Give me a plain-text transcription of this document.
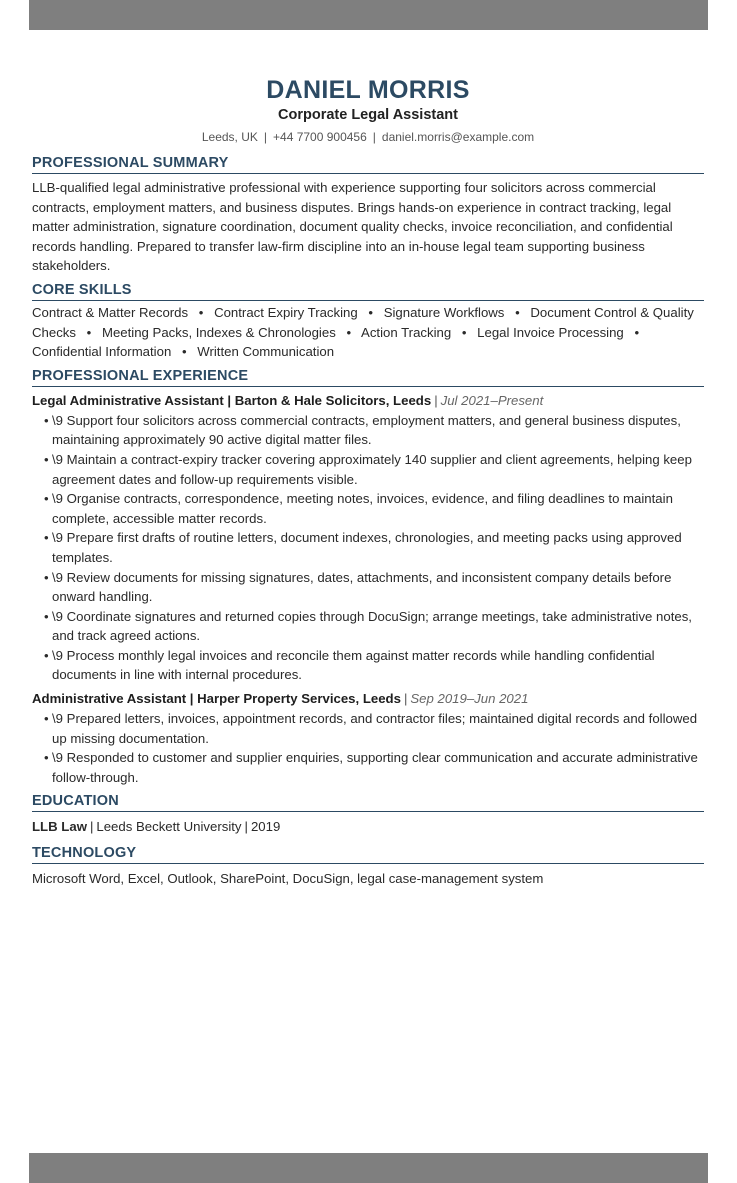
DANIEL MORRIS
Corporate Legal Assistant
Leeds, UK | +44 7700 900456 | daniel.morris@example.com
PROFESSIONAL SUMMARY
LLB-qualified legal administrative professional with experience supporting four solicitors across commercial contracts, employment matters, and business disputes. Brings hands-on experience in contract tracking, legal matter administration, signature coordination, document quality checks, invoice reconciliation, and confidential records handling. Prepared to transfer law-firm discipline into an in-house legal team supporting business stakeholders.
CORE SKILLS
Contract & Matter Records • Contract Expiry Tracking • Signature Workflows • Document Control & Quality Checks • Meeting Packs, Indexes & Chronologies • Action Tracking • Legal Invoice Processing • Confidential Information • Written Communication
PROFESSIONAL EXPERIENCE
Legal Administrative Assistant | Barton & Hale Solicitors, Leeds | Jul 2021–Present
• \9 Support four solicitors across commercial contracts, employment matters, and general business disputes, maintaining approximately 90 active digital matter files.
• \9 Maintain a contract-expiry tracker covering approximately 140 supplier and client agreements, helping keep agreement dates and follow-up requirements visible.
• \9 Organise contracts, correspondence, meeting notes, invoices, evidence, and filing deadlines to maintain complete, accessible matter records.
• \9 Prepare first drafts of routine letters, document indexes, chronologies, and meeting packs using approved templates.
• \9 Review documents for missing signatures, dates, attachments, and inconsistent company details before onward handling.
• \9 Coordinate signatures and returned copies through DocuSign; arrange meetings, take administrative notes, and track agreed actions.
• \9 Process monthly legal invoices and reconcile them against matter records while handling confidential documents in line with internal procedures.
Administrative Assistant | Harper Property Services, Leeds | Sep 2019–Jun 2021
• \9 Prepared letters, invoices, appointment records, and contractor files; maintained digital records and followed up missing documentation.
• \9 Responded to customer and supplier enquiries, supporting clear communication and accurate administrative follow-through.
EDUCATION
LLB Law | Leeds Beckett University | 2019
TECHNOLOGY
Microsoft Word, Excel, Outlook, SharePoint, DocuSign, legal case-management system
